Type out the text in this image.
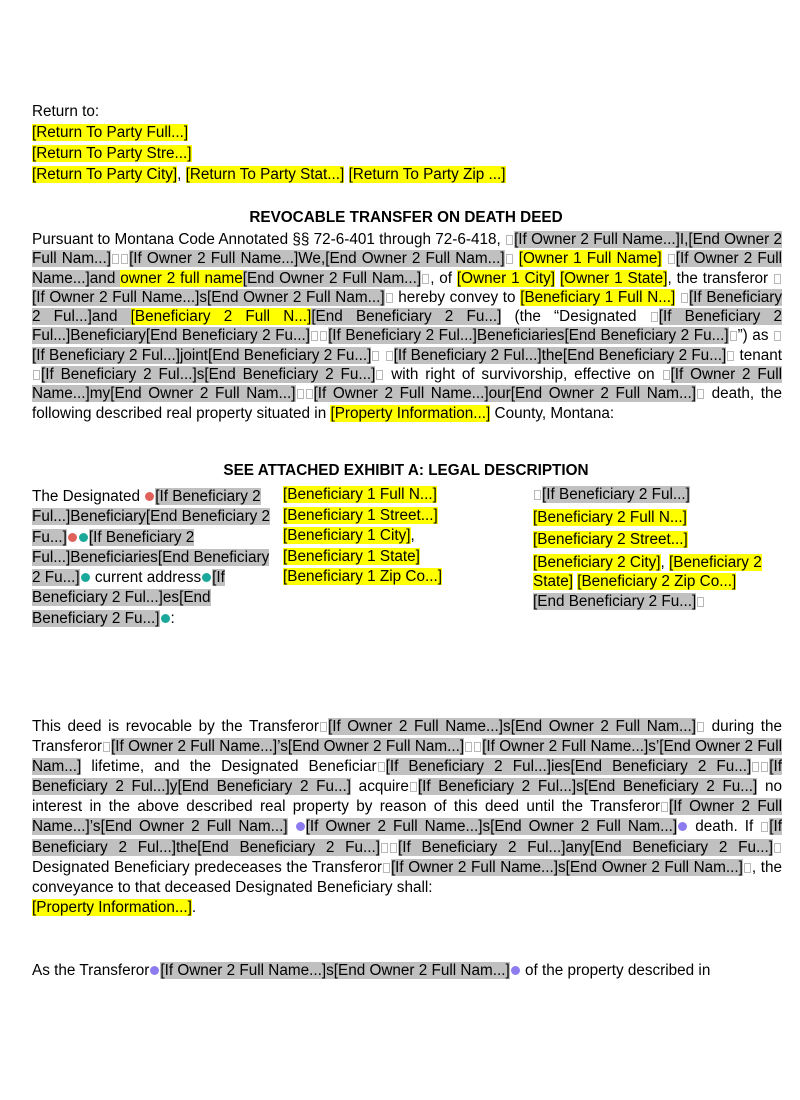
Return to:
[Return To Party Full...]
[Return To Party Stre...]
[Return To Party City], [Return To Party Stat...] [Return To Party Zip ...]
REVOCABLE TRANSFER ON DEATH DEED
Pursuant to Montana Code Annotated §§ 72-6-401 through 72-6-418, [If Owner 2 Full Name...]I,[End Owner 2 Full Nam...] [If Owner 2 Full Name...]We,[End Owner 2 Full Nam...] [Owner 1 Full Name] [If Owner 2 Full Name...]and owner 2 full name[End Owner 2 Full Nam...] , of [Owner 1 City] [Owner 1 State], the transferor [If Owner 2 Full Name...]s[End Owner 2 Full Nam...] hereby convey to [Beneficiary 1 Full N...] [If Beneficiary 2 Ful...]and [Beneficiary 2 Full N...][End Beneficiary 2 Fu...] (the “Designated [If Beneficiary 2 Ful...]Beneficiary[End Beneficiary 2 Fu...] [If Beneficiary 2 Ful...]Beneficiaries[End Beneficiary 2 Fu...] ”) as [If Beneficiary 2 Ful...]joint[End Beneficiary 2 Fu...] [If Beneficiary 2 Ful...]the[End Beneficiary 2 Fu...] tenant[If Beneficiary 2 Ful...]s[End Beneficiary 2 Fu...] with right of survivorship, effective on [If Owner 2 Full Name...]my[End Owner 2 Full Nam...] [If Owner 2 Full Name...]our[End Owner 2 Full Nam...] death, the following described real property situated in [Property Information...] County, Montana:
SEE ATTACHED EXHIBIT A: LEGAL DESCRIPTION
The Designated [If Beneficiary 2 Ful...]Beneficiary[End Beneficiary 2 Fu...] [If Beneficiary 2 Ful...]Beneficiaries[End Beneficiary 2 Fu...] current address [If Beneficiary 2 Ful...]es[End Beneficiary 2 Fu...] :
[Beneficiary 1 Full N...]
[Beneficiary 1 Street...]
[Beneficiary 1 City],
[Beneficiary 1 State]
[Beneficiary 1 Zip Co...]
[If Beneficiary 2 Ful...]
[Beneficiary 2 Full N...]
[Beneficiary 2 Street...]
[Beneficiary 2 City], [Beneficiary 2 State] [Beneficiary 2 Zip Co...]
[End Beneficiary 2 Fu...]
This deed is revocable by the Transferor [If Owner 2 Full Name...]s[End Owner 2 Full Nam...] during the Transferor [If Owner 2 Full Name...]’s[End Owner 2 Full Nam...] [If Owner 2 Full Name...]s’[End Owner 2 Full Nam...] lifetime, and the Designated Beneficiar [If Beneficiary 2 Ful...]ies[End Beneficiary 2 Fu...] [If Beneficiary 2 Ful...]y[End Beneficiary 2 Fu...] acquire [If Beneficiary 2 Ful...]s[End Beneficiary 2 Fu...] no interest in the above described real property by reason of this deed until the Transferor [If Owner 2 Full Name...]’s[End Owner 2 Full Nam...] [If Owner 2 Full Name...]s[End Owner 2 Full Nam...] death. If [If Beneficiary 2 Ful...]the[End Beneficiary 2 Fu...] [If Beneficiary 2 Ful...]any[End Beneficiary 2 Fu...] Designated Beneficiary predeceases the Transferor [If Owner 2 Full Name...]s[End Owner 2 Full Nam...] , the conveyance to that deceased Designated Beneficiary shall:
[Property Information...].
As the Transferor [If Owner 2 Full Name...]s[End Owner 2 Full Nam...] of the property described in
